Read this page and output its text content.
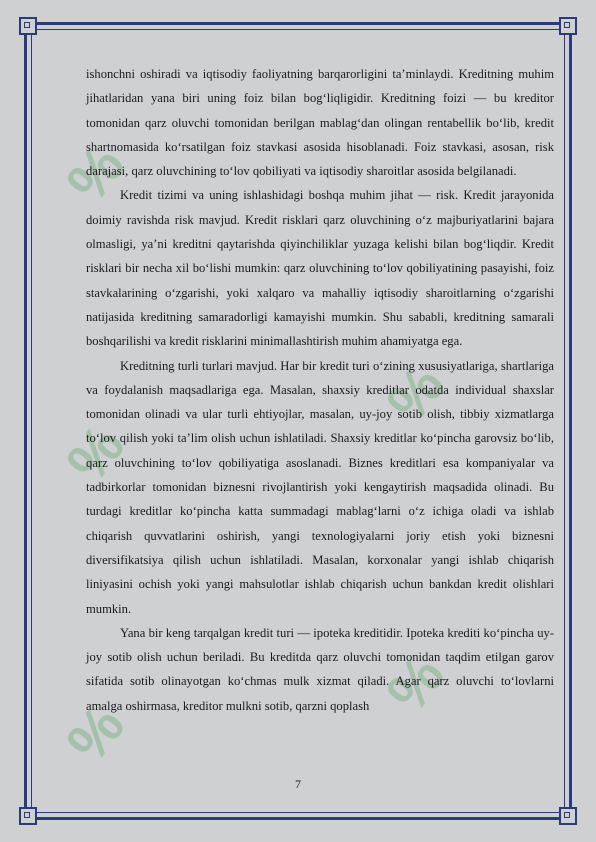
%
%
%
%
%

ishonchni oshiradi va iqtisodiy faoliyatning barqarorligini ta’minlaydi. Kreditning muhim jihatlaridan yana biri uning foiz bilan bog‘liqligidir. Kreditning foizi — bu kreditor tomonidan qarz oluvchi tomonidan berilgan mablag‘dan olingan rentabellik bo‘lib, kredit shartnomasida ko‘rsatilgan foiz stavkasi asosida hisoblanadi. Foiz stavkasi, asosan, risk darajasi, qarz oluvchining to‘lov qobiliyati va iqtisodiy sharoitlar asosida belgilanadi.

Kredit tizimi va uning ishlashidagi boshqa muhim jihat — risk. Kredit jarayonida doimiy ravishda risk mavjud. Kredit risklari qarz oluvchining o‘z majburiyatlarini bajara olmasligi, ya’ni kreditni qaytarishda qiyinchiliklar yuzaga kelishi bilan bog‘liqdir. Kredit risklari bir necha xil bo‘lishi mumkin: qarz oluvchining to‘lov qobiliyatining pasayishi, foiz stavkalarining o‘zgarishi, yoki xalqaro va mahalliy iqtisodiy sharoitlarning o‘zgarishi natijasida kreditning samaradorligi kamayishi mumkin. Shu sababli, kreditning samarali boshqarilishi va kredit risklarini minimallashtirish muhim ahamiyatga ega.

Kreditning turli turlari mavjud. Har bir kredit turi o‘zining xususiyatlariga, shartlariga va foydalanish maqsadlariga ega. Masalan, shaxsiy kreditlar odatda individual shaxslar tomonidan olinadi va ular turli ehtiyojlar, masalan, uy-joy sotib olish, tibbiy xizmatlarga to‘lov qilish yoki ta’lim olish uchun ishlatiladi. Shaxsiy kreditlar ko‘pincha garovsiz bo‘lib, qarz oluvchining to‘lov qobiliyatiga asoslanadi. Biznes kreditlari esa kompaniyalar va tadbirkorlar tomonidan biznesni rivojlantirish yoki kengaytirish maqsadida olinadi. Bu turdagi kreditlar ko‘pincha katta summadagi mablag‘larni o‘z ichiga oladi va ishlab chiqarish quvvatlarini oshirish, yangi texnologiyalarni joriy etish yoki biznesni diversifikatsiya qilish uchun ishlatiladi. Masalan, korxonalar yangi ishlab chiqarish liniyasini ochish yoki yangi mahsulotlar ishlab chiqarish uchun bankdan kredit olishlari mumkin.

Yana bir keng tarqalgan kredit turi — ipoteka kreditidir. Ipoteka krediti ko‘pincha uy-joy sotib olish uchun beriladi. Bu kreditda qarz oluvchi tomonidan taqdim etilgan garov sifatida sotib olinayotgan ko‘chmas mulk xizmat qiladi. Agar qarz oluvchi to‘lovlarni amalga oshirmasa, kreditor mulkni sotib, qarzni qoplash

7
